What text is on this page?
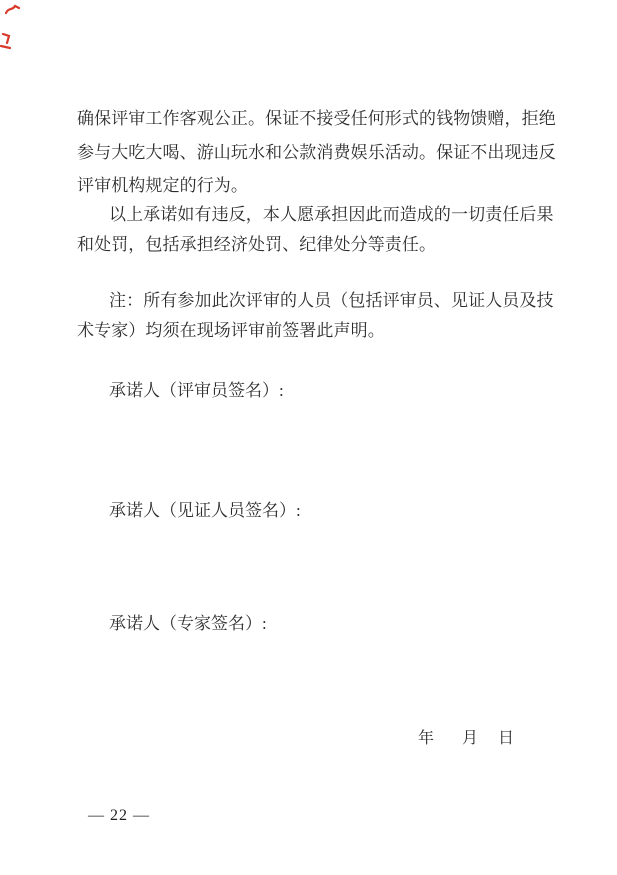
确保评审工作客观公正。保证不接受任何形式的钱物馈赠，拒绝
参与大吃大喝、游山玩水和公款消费娱乐活动。保证不出现违反
评审机构规定的行为。
以上承诺如有违反，本人愿承担因此而造成的一切责任后果
和处罚，包括承担经济处罚、纪律处分等责任。
注：所有参加此次评审的人员（包括评审员、见证人员及技
术专家）均须在现场评审前签署此声明。
承诺人（评审员签名）:
承诺人（见证人员签名）:
承诺人（专家签名）:
年 月 日
— 22 —
